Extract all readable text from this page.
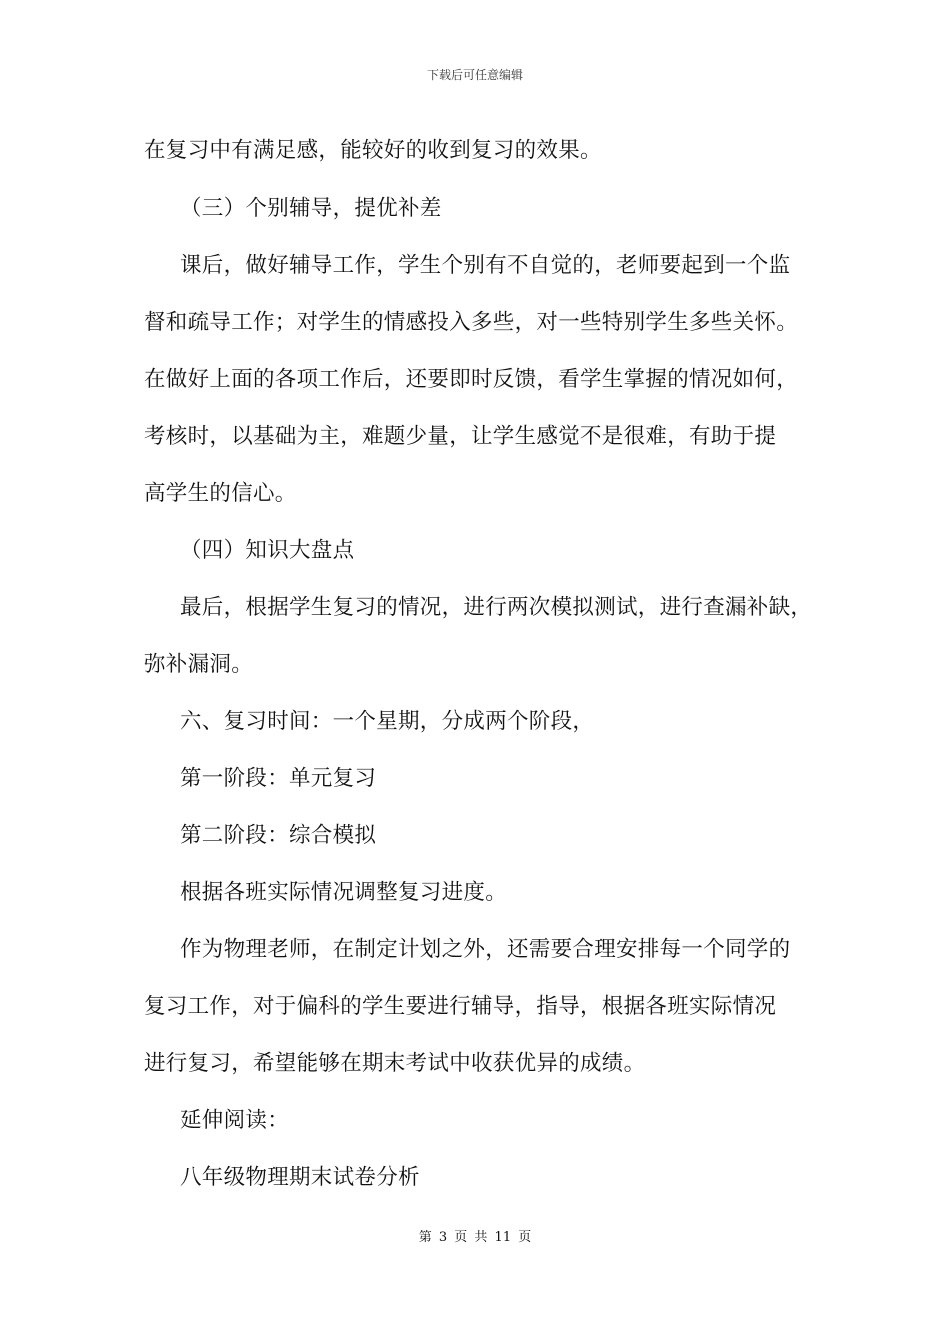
下载后可任意编辑
在复习中有满足感，能较好的收到复习的效果。
（三）个别辅导，提优补差
课后，做好辅导工作，学生个别有不自觉的，老师要起到一个监
督和疏导工作；对学生的情感投入多些，对一些特别学生多些关怀。
在做好上面的各项工作后，还要即时反馈，看学生掌握的情况如何，
考核时，以基础为主，难题少量，让学生感觉不是很难，有助于提
高学生的信心。
（四）知识大盘点
最后，根据学生复习的情况，进行两次模拟测试，进行查漏补缺，
弥补漏洞。
六、复习时间：一个星期，分成两个阶段，
第一阶段：单元复习
第二阶段：综合模拟
根据各班实际情况调整复习进度。
作为物理老师，在制定计划之外，还需要合理安排每一个同学的
复习工作，对于偏科的学生要进行辅导，指导，根据各班实际情况
进行复习，希望能够在期末考试中收获优异的成绩。
延伸阅读：
八年级物理期末试卷分析
第 3 页 共 11 页
